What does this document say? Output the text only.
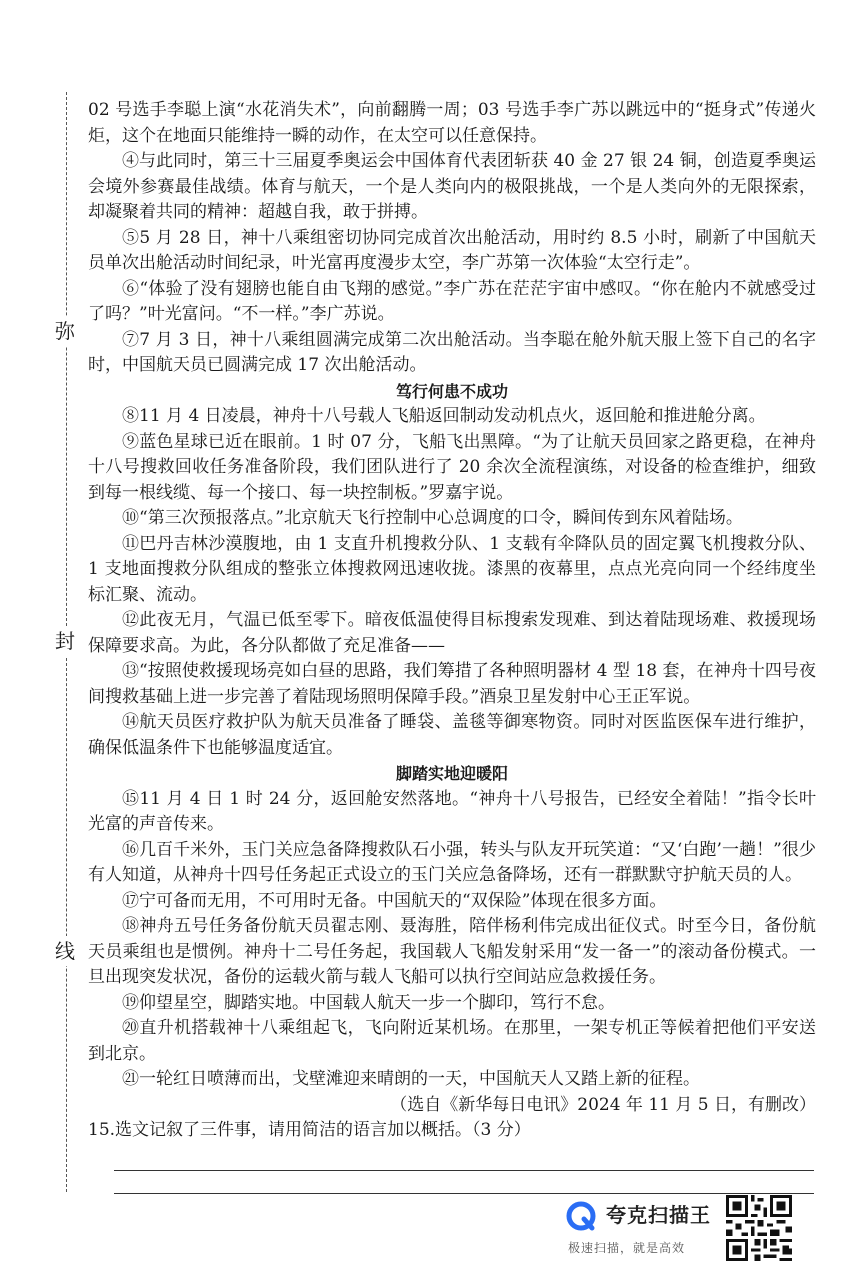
弥
封
线

02 号选手李聪上演“水花消失术”，向前翻腾一周；03 号选手李广苏以跳远中的“挺身式”传递火炬，这个在地面只能维持一瞬的动作，在太空可以任意保持。

④与此同时，第三十三届夏季奥运会中国体育代表团斩获 40 金 27 银 24 铜，创造夏季奥运会境外参赛最佳战绩。体育与航天，一个是人类向内的极限挑战，一个是人类向外的无限探索，却凝聚着共同的精神：超越自我，敢于拼搏。

⑤5 月 28 日，神十八乘组密切协同完成首次出舱活动，用时约 8.5 小时，刷新了中国航天员单次出舱活动时间纪录，叶光富再度漫步太空，李广苏第一次体验“太空行走”。

⑥“体验了没有翅膀也能自由飞翔的感觉。”李广苏在茫茫宇宙中感叹。“你在舱内不就感受过了吗？”叶光富问。“不一样。”李广苏说。

⑦7 月 3 日，神十八乘组圆满完成第二次出舱活动。当李聪在舱外航天服上签下自己的名字时，中国航天员已圆满完成 17 次出舱活动。

笃行何患不成功

⑧11 月 4 日凌晨，神舟十八号载人飞船返回制动发动机点火，返回舱和推进舱分离。

⑨蓝色星球已近在眼前。1 时 07 分，飞船飞出黑障。“为了让航天员回家之路更稳，在神舟十八号搜救回收任务准备阶段，我们团队进行了 20 余次全流程演练，对设备的检查维护，细致到每一根线缆、每一个接口、每一块控制板。”罗嘉宇说。

⑩“第三次预报落点。”北京航天飞行控制中心总调度的口令，瞬间传到东风着陆场。

⑪巴丹吉林沙漠腹地，由 1 支直升机搜救分队、1 支载有伞降队员的固定翼飞机搜救分队、1 支地面搜救分队组成的整张立体搜救网迅速收拢。漆黑的夜幕里，点点光亮向同一个经纬度坐标汇聚、流动。

⑫此夜无月，气温已低至零下。暗夜低温使得目标搜索发现难、到达着陆现场难、救援现场保障要求高。为此，各分队都做了充足准备——

⑬“按照使救援现场亮如白昼的思路，我们筹措了各种照明器材 4 型 18 套，在神舟十四号夜间搜救基础上进一步完善了着陆现场照明保障手段。”酒泉卫星发射中心王正军说。

⑭航天员医疗救护队为航天员准备了睡袋、盖毯等御寒物资。同时对医监医保车进行维护，确保低温条件下也能够温度适宜。

脚踏实地迎暖阳

⑮11 月 4 日 1 时 24 分，返回舱安然落地。“神舟十八号报告，已经安全着陆！”指令长叶光富的声音传来。

⑯几百千米外，玉门关应急备降搜救队石小强，转头与队友开玩笑道：“又‘白跑’一趟！”很少有人知道，从神舟十四号任务起正式设立的玉门关应急备降场，还有一群默默守护航天员的人。

⑰宁可备而无用，不可用时无备。中国航天的“双保险”体现在很多方面。

⑱神舟五号任务备份航天员翟志刚、聂海胜，陪伴杨利伟完成出征仪式。时至今日，备份航天员乘组也是惯例。神舟十二号任务起，我国载人飞船发射采用“发一备一”的滚动备份模式。一旦出现突发状况，备份的运载火箭与载人飞船可以执行空间站应急救援任务。

⑲仰望星空，脚踏实地。中国载人航天一步一个脚印，笃行不怠。

⑳直升机搭载神十八乘组起飞，飞向附近某机场。在那里，一架专机正等候着把他们平安送到北京。

㉑一轮红日喷薄而出，戈壁滩迎来晴朗的一天，中国航天人又踏上新的征程。

（选自《新华每日电讯》2024 年 11 月 5 日，有删改）

15.选文记叙了三件事，请用简洁的语言加以概括。（3 分）

夸克扫描王
极速扫描，就是高效
